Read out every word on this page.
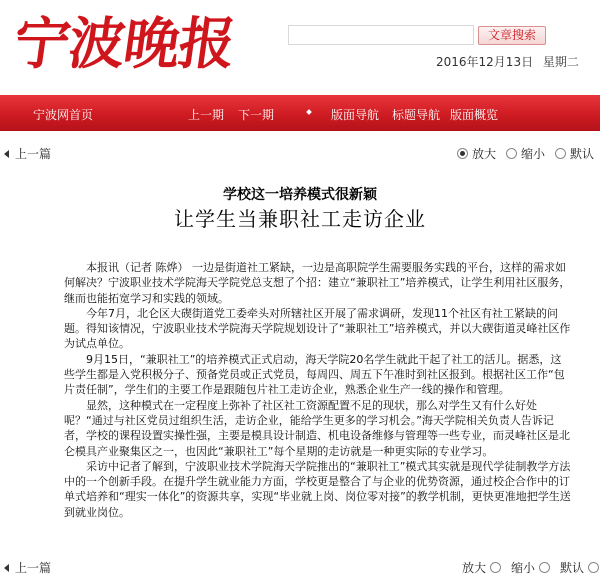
宁波晚报	文章搜索
2016年12月13日 星期二
宁波网首页	上一期 下一期	版面导航 标题导航 版面概览
上一篇	放大 缩小 默认
学校这一培养模式很新颖
让学生当兼职社工走访企业

本报讯（记者 陈烨） 一边是街道社工紧缺，一边是高职院学生需要服务实践的平台，这样的需求如何解决？宁波职业技术学院海天学院党总支想了个招：建立“兼职社工”培养模式，让学生利用社区服务，继而也能拓宽学习和实践的领域。

今年7月，北仑区大碶街道党工委牵头对所辖社区开展了需求调研，发现11个社区有社工紧缺的问题。得知该情况，宁波职业技术学院海天学院规划设计了“兼职社工”培养模式，并以大碶街道灵峰社区作为试点单位。

9月15日，“兼职社工”的培养模式正式启动，海天学院20名学生就此干起了社工的活儿。据悉，这些学生都是入党积极分子、预备党员或正式党员，每周四、周五下午准时到社区报到。根据社区工作“包片责任制”，学生们的主要工作是跟随包片社工走访企业，熟悉企业生产一线的操作和管理。

显然，这种模式在一定程度上弥补了社区社工资源配置不足的现状，那么对学生又有什么好处呢？“通过与社区党员过组织生活，走访企业，能给学生更多的学习机会。”海天学院相关负责人告诉记者，学校的课程设置实操性强，主要是模具设计制造、机电设备维修与管理等一些专业，而灵峰社区是北仑模具产业聚集区之一，也因此“兼职社工”每个星期的走访就是一种更实际的专业学习。

采访中记者了解到，宁波职业技术学院海天学院推出的“兼职社工”模式其实就是现代学徒制教学方法中的一个创新手段。在提升学生就业能力方面，学校更是整合了与企业的优势资源，通过校企合作中的订单式培养和“理实一体化”的资源共享，实现“毕业就上岗、岗位零对接”的教学机制，更快更准地把学生送到就业岗位。

上一篇	放大 缩小 默认
